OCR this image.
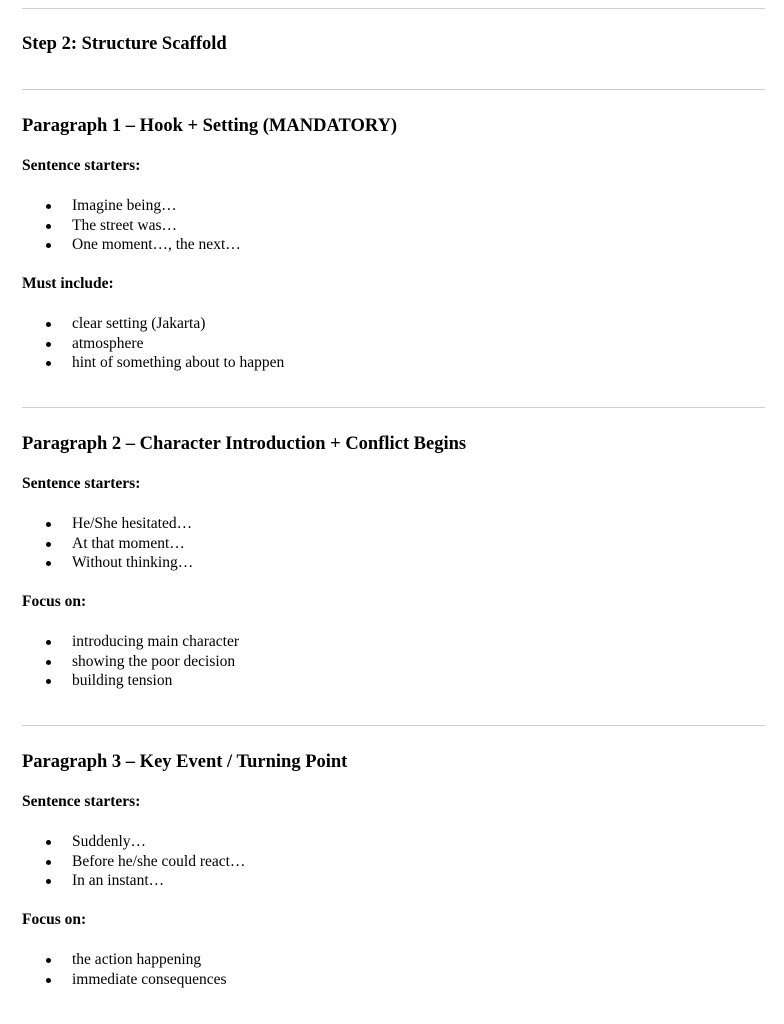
Step 2: Structure Scaffold
Paragraph 1 – Hook + Setting (MANDATORY)

Sentence starters:

Imagine being…
The street was…
One moment…, the next…

Must include:

clear setting (Jakarta)
atmosphere
hint of something about to happen
Paragraph 2 – Character Introduction + Conflict Begins

Sentence starters:

He/She hesitated…
At that moment…
Without thinking…

Focus on:

introducing main character
showing the poor decision
building tension
Paragraph 3 – Key Event / Turning Point

Sentence starters:

Suddenly…
Before he/she could react…
In an instant…

Focus on:

the action happening
immediate consequences
